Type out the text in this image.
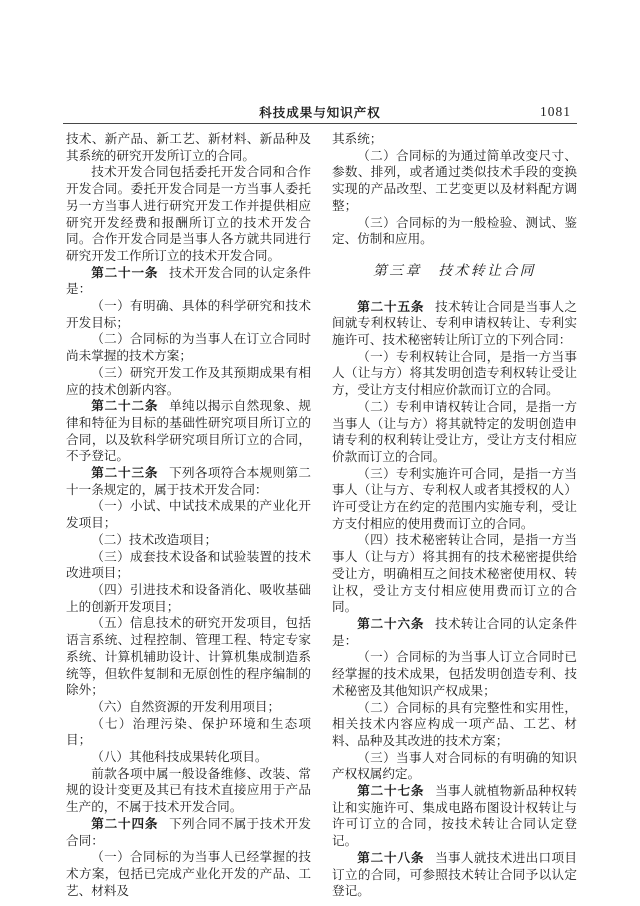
科技成果与知识产权	1081

技术、新产品、新工艺、新材料、新品种及其系统的研究开发所订立的合同。

技术开发合同包括委托开发合同和合作开发合同。委托开发合同是一方当事人委托另一方当事人进行研究开发工作并提供相应研究开发经费和报酬所订立的技术开发合同。合作开发合同是当事人各方就共同进行研究开发工作所订立的技术开发合同。

第二十一条 技术开发合同的认定条件是：

（一）有明确、具体的科学研究和技术开发目标；

（二）合同标的为当事人在订立合同时尚未掌握的技术方案；

（三）研究开发工作及其预期成果有相应的技术创新内容。

第二十二条 单纯以揭示自然现象、规律和特征为目标的基础性研究项目所订立的合同，以及软科学研究项目所订立的合同，不予登记。

第二十三条 下列各项符合本规则第二十一条规定的，属于技术开发合同：

（一）小试、中试技术成果的产业化开发项目；

（二）技术改造项目；

（三）成套技术设备和试验装置的技术改进项目；

（四）引进技术和设备消化、吸收基础上的创新开发项目；

（五）信息技术的研究开发项目，包括语言系统、过程控制、管理工程、特定专家系统、计算机辅助设计、计算机集成制造系统等，但软件复制和无原创性的程序编制的除外；

（六）自然资源的开发利用项目；

（七）治理污染、保护环境和生态项目；

（八）其他科技成果转化项目。

前款各项中属一般设备维修、改装、常规的设计变更及其已有技术直接应用于产品生产的，不属于技术开发合同。

第二十四条 下列合同不属于技术开发合同：

（一）合同标的为当事人已经掌握的技术方案，包括已完成产业化开发的产品、工艺、材料及

其系统；

（二）合同标的为通过简单改变尺寸、参数、排列，或者通过类似技术手段的变换实现的产品改型、工艺变更以及材料配方调整；

（三）合同标的为一般检验、测试、鉴定、仿制和应用。

第三章　技术转让合同

第二十五条 技术转让合同是当事人之间就专利权转让、专利申请权转让、专利实施许可、技术秘密转让所订立的下列合同：

（一）专利权转让合同，是指一方当事人（让与方）将其发明创造专利权转让受让方，受让方支付相应价款而订立的合同。

（二）专利申请权转让合同，是指一方当事人（让与方）将其就特定的发明创造申请专利的权利转让受让方，受让方支付相应价款而订立的合同。

（三）专利实施许可合同，是指一方当事人（让与方、专利权人或者其授权的人）许可受让方在约定的范围内实施专利，受让方支付相应的使用费而订立的合同。

（四）技术秘密转让合同，是指一方当事人（让与方）将其拥有的技术秘密提供给受让方，明确相互之间技术秘密使用权、转让权，受让方支付相应使用费而订立的合同。

第二十六条 技术转让合同的认定条件是：

（一）合同标的为当事人订立合同时已经掌握的技术成果，包括发明创造专利、技术秘密及其他知识产权成果；

（二）合同标的具有完整性和实用性，相关技术内容应构成一项产品、工艺、材料、品种及其改进的技术方案；

（三）当事人对合同标的有明确的知识产权权属约定。

第二十七条 当事人就植物新品种权转让和实施许可、集成电路布图设计权转让与许可订立的合同，按技术转让合同认定登记。

第二十八条 当事人就技术进出口项目订立的合同，可参照技术转让合同予以认定登记。
